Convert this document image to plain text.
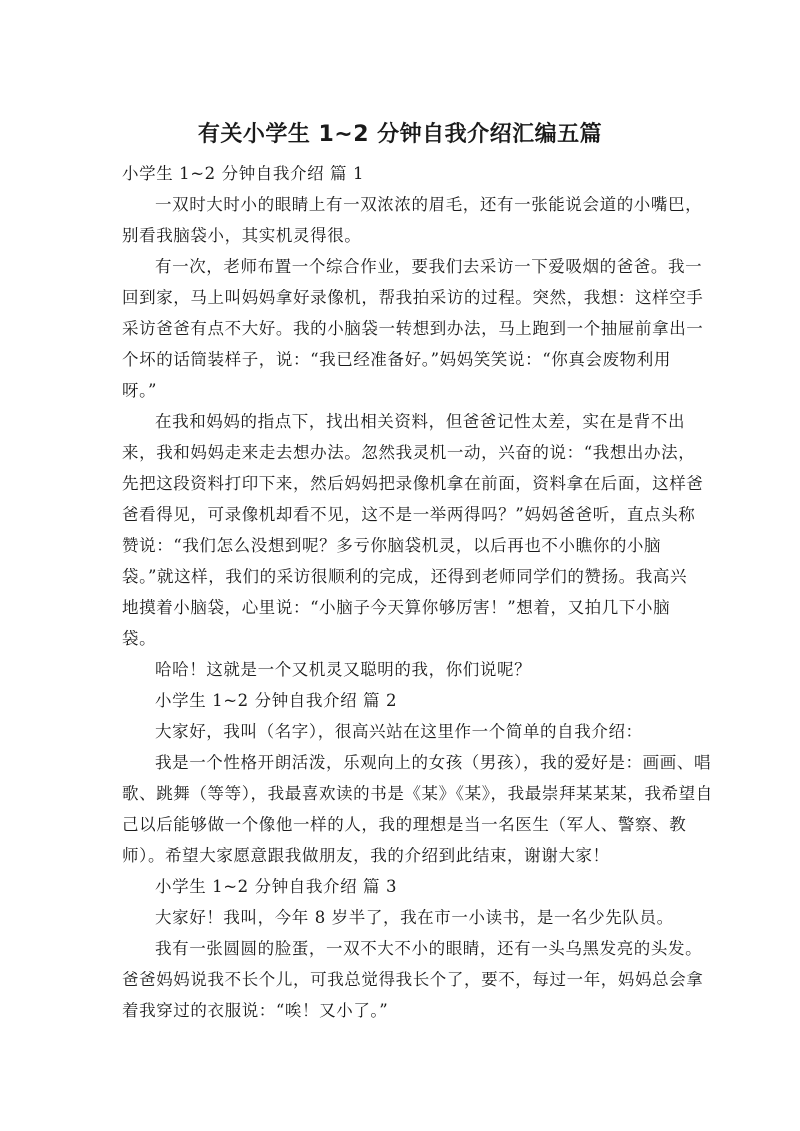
有关小学生 1~2 分钟自我介绍汇编五篇
小学生 1~2 分钟自我介绍 篇 1
一双时大时小的眼睛上有一双浓浓的眉毛，还有一张能说会道的小嘴巴，
别看我脑袋小，其实机灵得很。
有一次，老师布置一个综合作业，要我们去采访一下爱吸烟的爸爸。我一
回到家，马上叫妈妈拿好录像机，帮我拍采访的过程。突然，我想：这样空手
采访爸爸有点不大好。我的小脑袋一转想到办法，马上跑到一个抽屉前拿出一
个坏的话筒装样子，说：“我已经准备好。”妈妈笑笑说：“你真会废物利用
呀。”
在我和妈妈的指点下，找出相关资料，但爸爸记性太差，实在是背不出
来，我和妈妈走来走去想办法。忽然我灵机一动，兴奋的说：“我想出办法，
先把这段资料打印下来，然后妈妈把录像机拿在前面，资料拿在后面，这样爸
爸看得见，可录像机却看不见，这不是一举两得吗？”妈妈爸爸听，直点头称
赞说：“我们怎么没想到呢？多亏你脑袋机灵，以后再也不小瞧你的小脑
袋。”就这样，我们的采访很顺利的完成，还得到老师同学们的赞扬。我高兴
地摸着小脑袋，心里说：“小脑子今天算你够厉害！”想着，又拍几下小脑
袋。
哈哈！这就是一个又机灵又聪明的我，你们说呢？
小学生 1~2 分钟自我介绍 篇 2
大家好，我叫（名字），很高兴站在这里作一个简单的自我介绍：
我是一个性格开朗活泼，乐观向上的女孩（男孩），我的爱好是：画画、唱
歌、跳舞（等等），我最喜欢读的书是《某》《某》，我最崇拜某某某，我希望自
己以后能够做一个像他一样的人，我的理想是当一名医生（军人、警察、教
师）。希望大家愿意跟我做朋友，我的介绍到此结束，谢谢大家！
小学生 1~2 分钟自我介绍 篇 3
大家好！我叫，今年 8 岁半了，我在市一小读书，是一名少先队员。
我有一张圆圆的脸蛋，一双不大不小的眼睛，还有一头乌黑发亮的头发。
爸爸妈妈说我不长个儿，可我总觉得我长个了，要不，每过一年，妈妈总会拿
着我穿过的衣服说：“唉！又小了。”
